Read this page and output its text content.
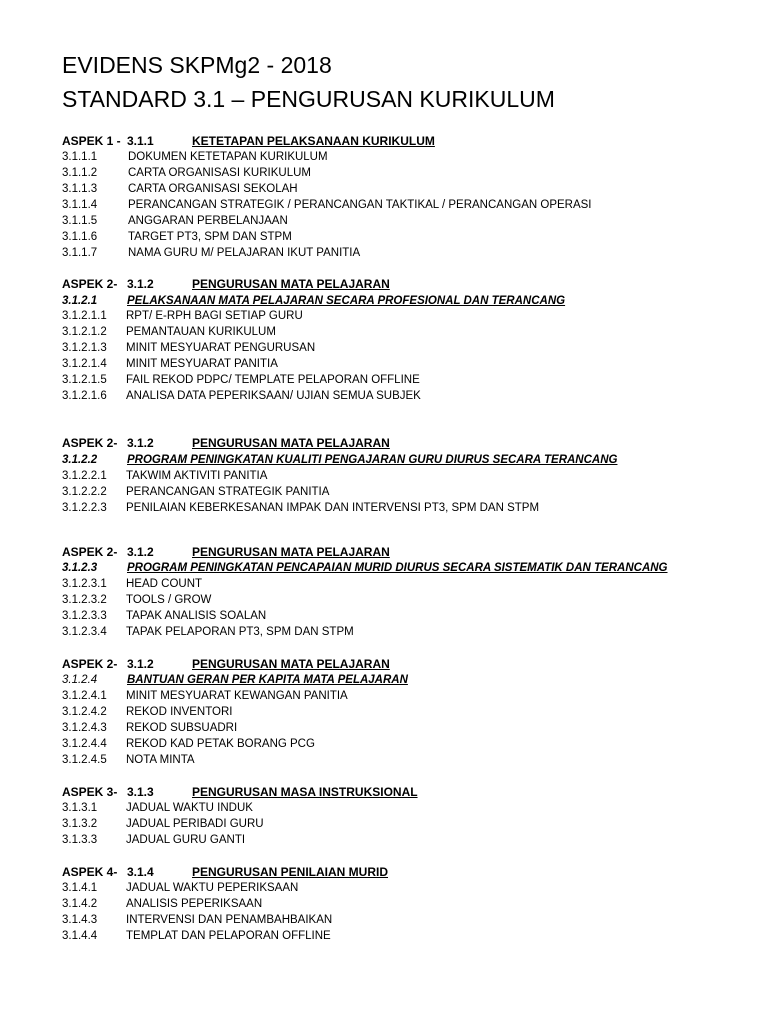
EVIDENS SKPMg2 - 2018
STANDARD 3.1 – PENGURUSAN KURIKULUM
ASPEK 1 - 3.1.1	KETETAPAN PELAKSANAAN KURIKULUM
3.1.1.1	DOKUMEN KETETAPAN KURIKULUM
3.1.1.2	CARTA ORGANISASI KURIKULUM
3.1.1.3	CARTA ORGANISASI SEKOLAH
3.1.1.4	PERANCANGAN STRATEGIK / PERANCANGAN TAKTIKAL / PERANCANGAN OPERASI
3.1.1.5	ANGGARAN PERBELANJAAN
3.1.1.6	TARGET PT3, SPM DAN STPM
3.1.1.7	NAMA GURU M/ PELAJARAN IKUT PANITIA
ASPEK 2- 3.1.2	PENGURUSAN MATA PELAJARAN
3.1.2.1	PELAKSANAAN MATA PELAJARAN SECARA PROFESIONAL DAN TERANCANG
3.1.2.1.1 RPT/ E-RPH BAGI SETIAP GURU
3.1.2.1.2 PEMANTAUAN KURIKULUM
3.1.2.1.3 MINIT MESYUARAT PENGURUSAN
3.1.2.1.4 MINIT MESYUARAT PANITIA
3.1.2.1.5 FAIL REKOD PDPC/ TEMPLATE PELAPORAN OFFLINE
3.1.2.1.6 ANALISA DATA PEPERIKSAAN/ UJIAN SEMUA SUBJEK
ASPEK 2- 3.1.2	PENGURUSAN MATA PELAJARAN
3.1.2.2	PROGRAM PENINGKATAN KUALITI PENGAJARAN GURU DIURUS SECARA TERANCANG
3.1.2.2.1 TAKWIM AKTIVITI PANITIA
3.1.2.2.2 PERANCANGAN STRATEGIK PANITIA
3.1.2.2.3 PENILAIAN KEBERKESANAN IMPAK DAN INTERVENSI PT3, SPM DAN STPM
ASPEK 2- 3.1.2	PENGURUSAN MATA PELAJARAN
3.1.2.3	PROGRAM PENINGKATAN PENCAPAIAN MURID DIURUS SECARA SISTEMATIK DAN TERANCANG
3.1.2.3.1 HEAD COUNT
3.1.2.3.2 TOOLS / GROW
3.1.2.3.3 TAPAK ANALISIS SOALAN
3.1.2.3.4 TAPAK PELAPORAN PT3, SPM DAN STPM
ASPEK 2- 3.1.2	PENGURUSAN MATA PELAJARAN
3.1.2.4	BANTUAN GERAN PER KAPITA MATA PELAJARAN
3.1.2.4.1 MINIT MESYUARAT KEWANGAN PANITIA
3.1.2.4.2 REKOD INVENTORI
3.1.2.4.3 REKOD SUBSUADRI
3.1.2.4.4 REKOD KAD PETAK BORANG PCG
3.1.2.4.5 NOTA MINTA
ASPEK 3- 3.1.3	PENGURUSAN MASA INSTRUKSIONAL
3.1.3.1	JADUAL WAKTU INDUK
3.1.3.2	JADUAL PERIBADI GURU
3.1.3.3	JADUAL GURU GANTI
ASPEK 4- 3.1.4	PENGURUSAN PENILAIAN MURID
3.1.4.1	JADUAL WAKTU PEPERIKSAAN
3.1.4.2	ANALISIS PEPERIKSAAN
3.1.4.3	INTERVENSI DAN PENAMBAHBAIKAN
3.1.4.4	TEMPLAT DAN PELAPORAN OFFLINE
